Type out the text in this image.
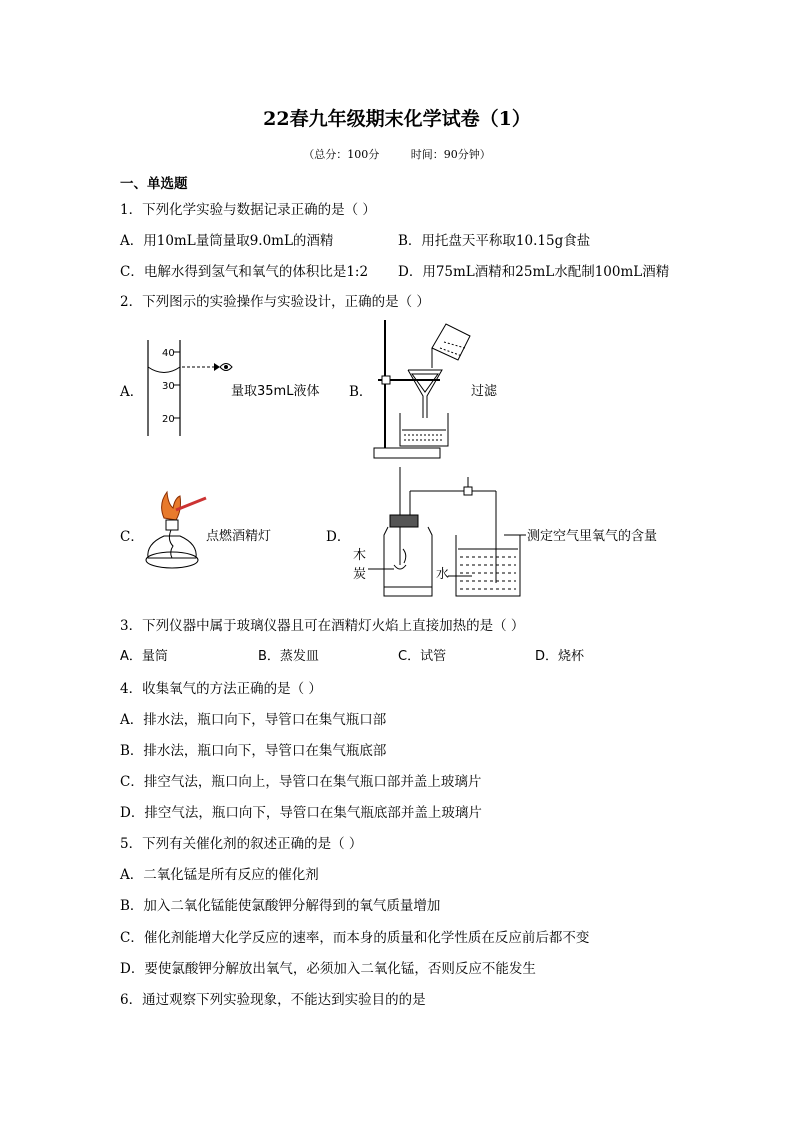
22春九年级期末化学试卷（1）
（总分：100分	时间：90分钟）
一、单选题
1．下列化学实验与数据记录正确的是（ ）
A．用10mL量筒量取9.0mL的酒精	B．用托盘天平称取10.15g食盐
C．电解水得到氢气和氧气的体积比是1:2 D．用75mL酒精和25mL水配制100mL酒精
2．下列图示的实验操作与实验设计，正确的是（ ）
A．	量取35mL液体 B．	过滤
C．	点燃酒精灯	D．	测定空气里氧气的含量
40
30
20
木
炭	水
3．下列仪器中属于玻璃仪器且可在酒精灯火焰上直接加热的是（ ）
A．量筒	B．蒸发皿	C．试管	D．烧杯
4．收集氧气的方法正确的是（ ）
A．排水法，瓶口向下，导管口在集气瓶口部
B．排水法，瓶口向下，导管口在集气瓶底部
C．排空气法，瓶口向上，导管口在集气瓶口部并盖上玻璃片
D．排空气法，瓶口向下，导管口在集气瓶底部并盖上玻璃片
5．下列有关催化剂的叙述正确的是（ ）
A．二氧化锰是所有反应的催化剂
B．加入二氧化锰能使氯酸钾分解得到的氧气质量增加
C．催化剂能增大化学反应的速率，而本身的质量和化学性质在反应前后都不变
D．要使氯酸钾分解放出氧气，必须加入二氧化锰，否则反应不能发生
6．通过观察下列实验现象，不能达到实验目的的是
